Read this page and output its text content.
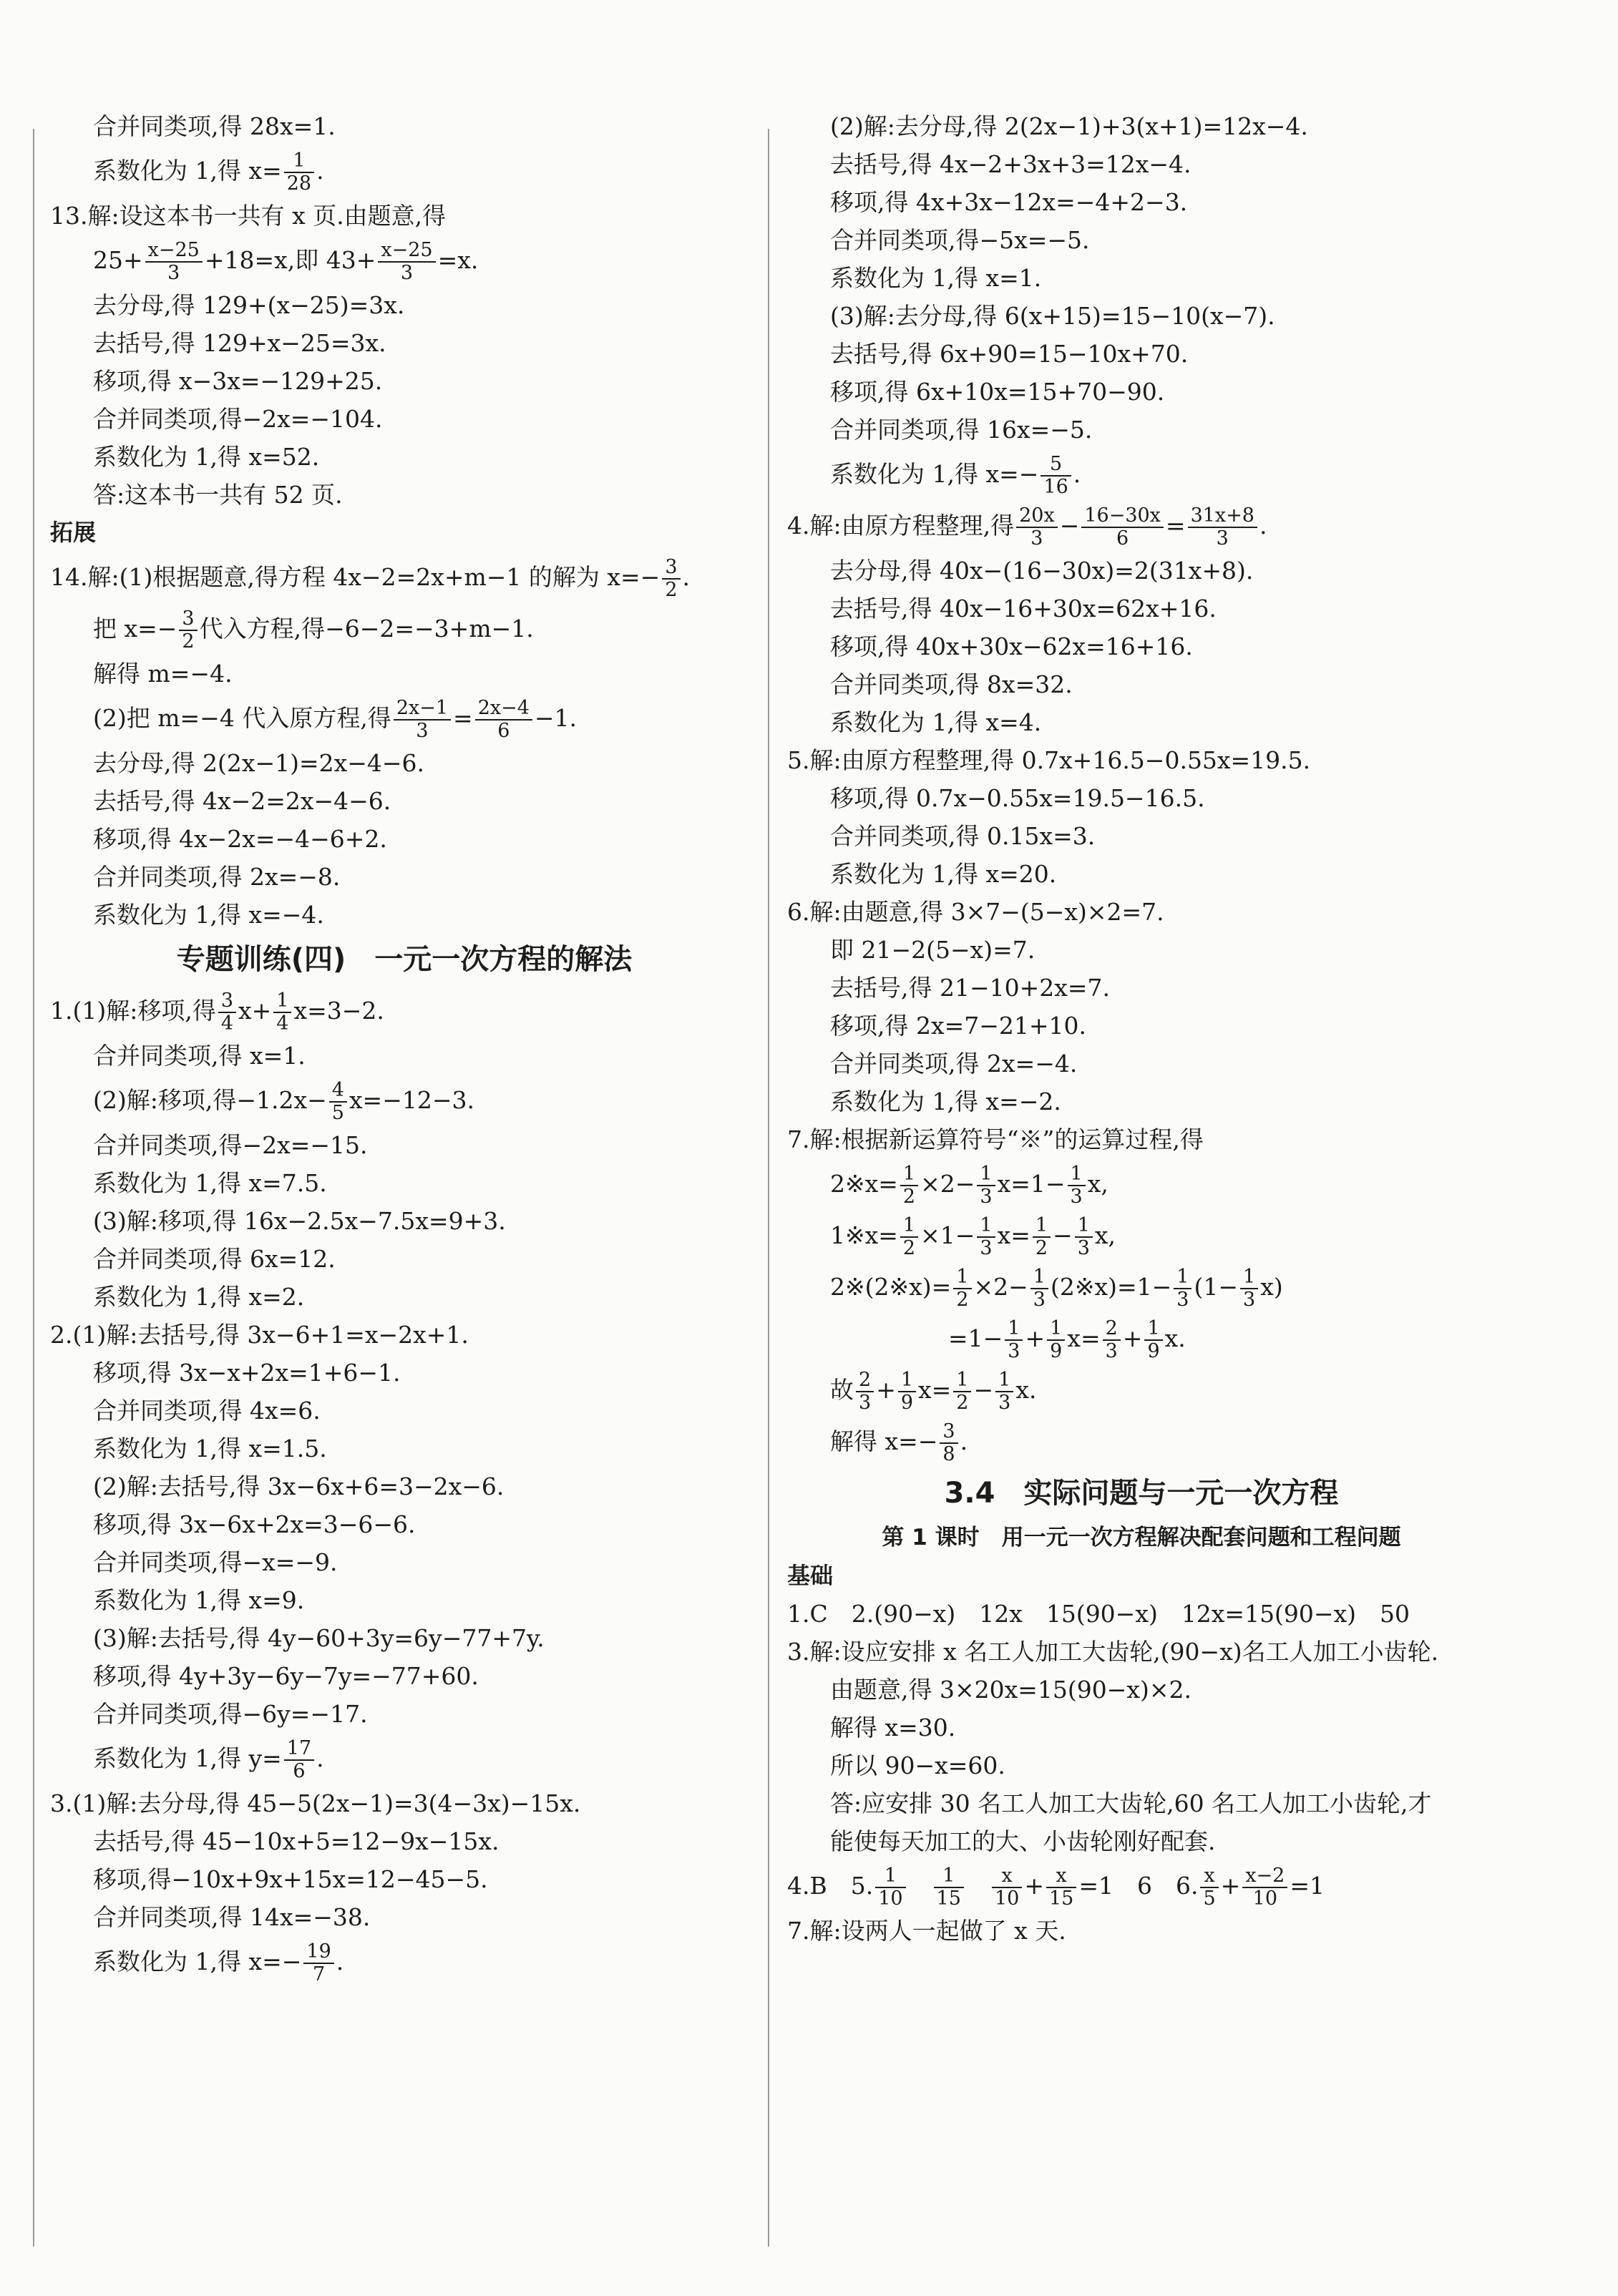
合并同类项,得 28x=1.
系数化为 1,得 $x= \frac{1}{28}$ .
13.解:设这本书一共有 x 页.由题意,得
$25+ \frac{x-25}{3} +18=x$,即 $43+ \frac{x-25}{3} =x$.
去分母,得 129+(x−25)=3x.
去括号,得 129+x−25=3x.
移项,得 x−3x=−129+25.
合并同类项,得−2x=−104.
系数化为 1,得 x=52.
答:这本书一共有 52 页.
拓展
14.解:(1)根据题意,得方程 4x−2=2x+m−1 的解为 $x=- \frac{3}{2}$ .
把 $x=- \frac{3}{2}$ 代入方程,得−6−2=−3+m−1.
解得 m=−4.
(2)把 m=−4 代入原方程,得 $\frac{2x-1}{3} = \frac{2x-4}{6} -1$.
去分母,得 2(2x−1)=2x−4−6.
去括号,得 4x−2=2x−4−6.
移项,得 4x−2x=−4−6+2.
合并同类项,得 2x=−8.
系数化为 1,得 x=−4.
专题训练(四)　一元一次方程的解法
1.(1)解:移项,得 $\frac{3}{4} x+ \frac{1}{4} x=3-2$.
合并同类项,得 x=1.
(2)解:移项,得$-1.2x- \frac{4}{5} x=-12-3$.
合并同类项,得−2x=−15.
系数化为 1,得 x=7.5.
(3)解:移项,得 16x−2.5x−7.5x=9+3.
合并同类项,得 6x=12.
系数化为 1,得 x=2.
2.(1)解:去括号,得 3x−6+1=x−2x+1.
移项,得 3x−x+2x=1+6−1.
合并同类项,得 4x=6.
系数化为 1,得 x=1.5.
(2)解:去括号,得 3x−6x+6=3−2x−6.
移项,得 3x−6x+2x=3−6−6.
合并同类项,得−x=−9.
系数化为 1,得 x=9.
(3)解:去括号,得 4y−60+3y=6y−77+7y.
移项,得 4y+3y−6y−7y=−77+60.
合并同类项,得−6y=−17.
系数化为 1,得 $y= \frac{17}{6}$ .
3.(1)解:去分母,得 45−5(2x−1)=3(4−3x)−15x.
去括号,得 45−10x+5=12−9x−15x.
移项,得−10x+9x+15x=12−45−5.
合并同类项,得 14x=−38.
系数化为 1,得 $x=- \frac{19}{7}$ .
(2)解:去分母,得 2(2x−1)+3(x+1)=12x−4.
去括号,得 4x−2+3x+3=12x−4.
移项,得 4x+3x−12x=−4+2−3.
合并同类项,得−5x=−5.
系数化为 1,得 x=1.
(3)解:去分母,得 6(x+15)=15−10(x−7).
去括号,得 6x+90=15−10x+70.
移项,得 6x+10x=15+70−90.
合并同类项,得 16x=−5.
系数化为 1,得 $x=- \frac{5}{16}$ .
4.解:由原方程整理,得 $\frac{20x}{3} - \frac{16-30x}{6} = \frac{31x+8}{3}$ .
去分母,得 40x−(16−30x)=2(31x+8).
去括号,得 40x−16+30x=62x+16.
移项,得 40x+30x−62x=16+16.
合并同类项,得 8x=32.
系数化为 1,得 x=4.
5.解:由原方程整理,得 0.7x+16.5−0.55x=19.5.
移项,得 0.7x−0.55x=19.5−16.5.
合并同类项,得 0.15x=3.
系数化为 1,得 x=20.
6.解:由题意,得 3×7−(5−x)×2=7.
即 21−2(5−x)=7.
去括号,得 21−10+2x=7.
移项,得 2x=7−21+10.
合并同类项,得 2x=−4.
系数化为 1,得 x=−2.
7.解:根据新运算符号“※”的运算过程,得
2※x= $\frac{1}{2} \times 2- \frac{1}{3} x=1- \frac{1}{3} x$,
1※x= $\frac{1}{2} \times 1- \frac{1}{3} x= \frac{1}{2} - \frac{1}{3} x$,
2※(2※x)= $\frac{1}{2} \times 2- \frac{1}{3}$ (2※x)=1− $\frac{1}{3} (1- \frac{1}{3} x)$
　　　　　$=1- \frac{1}{3} + \frac{1}{9} x= \frac{2}{3} + \frac{1}{9} x$.
故 $\frac{2}{3} + \frac{1}{9} x= \frac{1}{2} - \frac{1}{3} x$.
解得 $x=- \frac{3}{8}$ .
3.4　实际问题与一元一次方程
第 1 课时　用一元一次方程解决配套问题和工程问题
基础
1.C　2.(90−x)　12x　15(90−x)　12x=15(90−x)　50
3.解:设应安排 x 名工人加工大齿轮,(90−x)名工人加工小齿轮.
由题意,得 3×20x=15(90−x)×2.
解得 x=30.
所以 90−x=60.
答:应安排 30 名工人加工大齿轮,60 名工人加工小齿轮,才
能使每天加工的大、小齿轮刚好配套.
4.B　5. $\frac{1}{10}$
　 $\frac{1}{15}$
　 $\frac{x}{10} + \frac{x}{15} =1$　6　6. $\frac{x}{5} + \frac{x-2}{10} =1$
7.解:设两人一起做了 x 天.
